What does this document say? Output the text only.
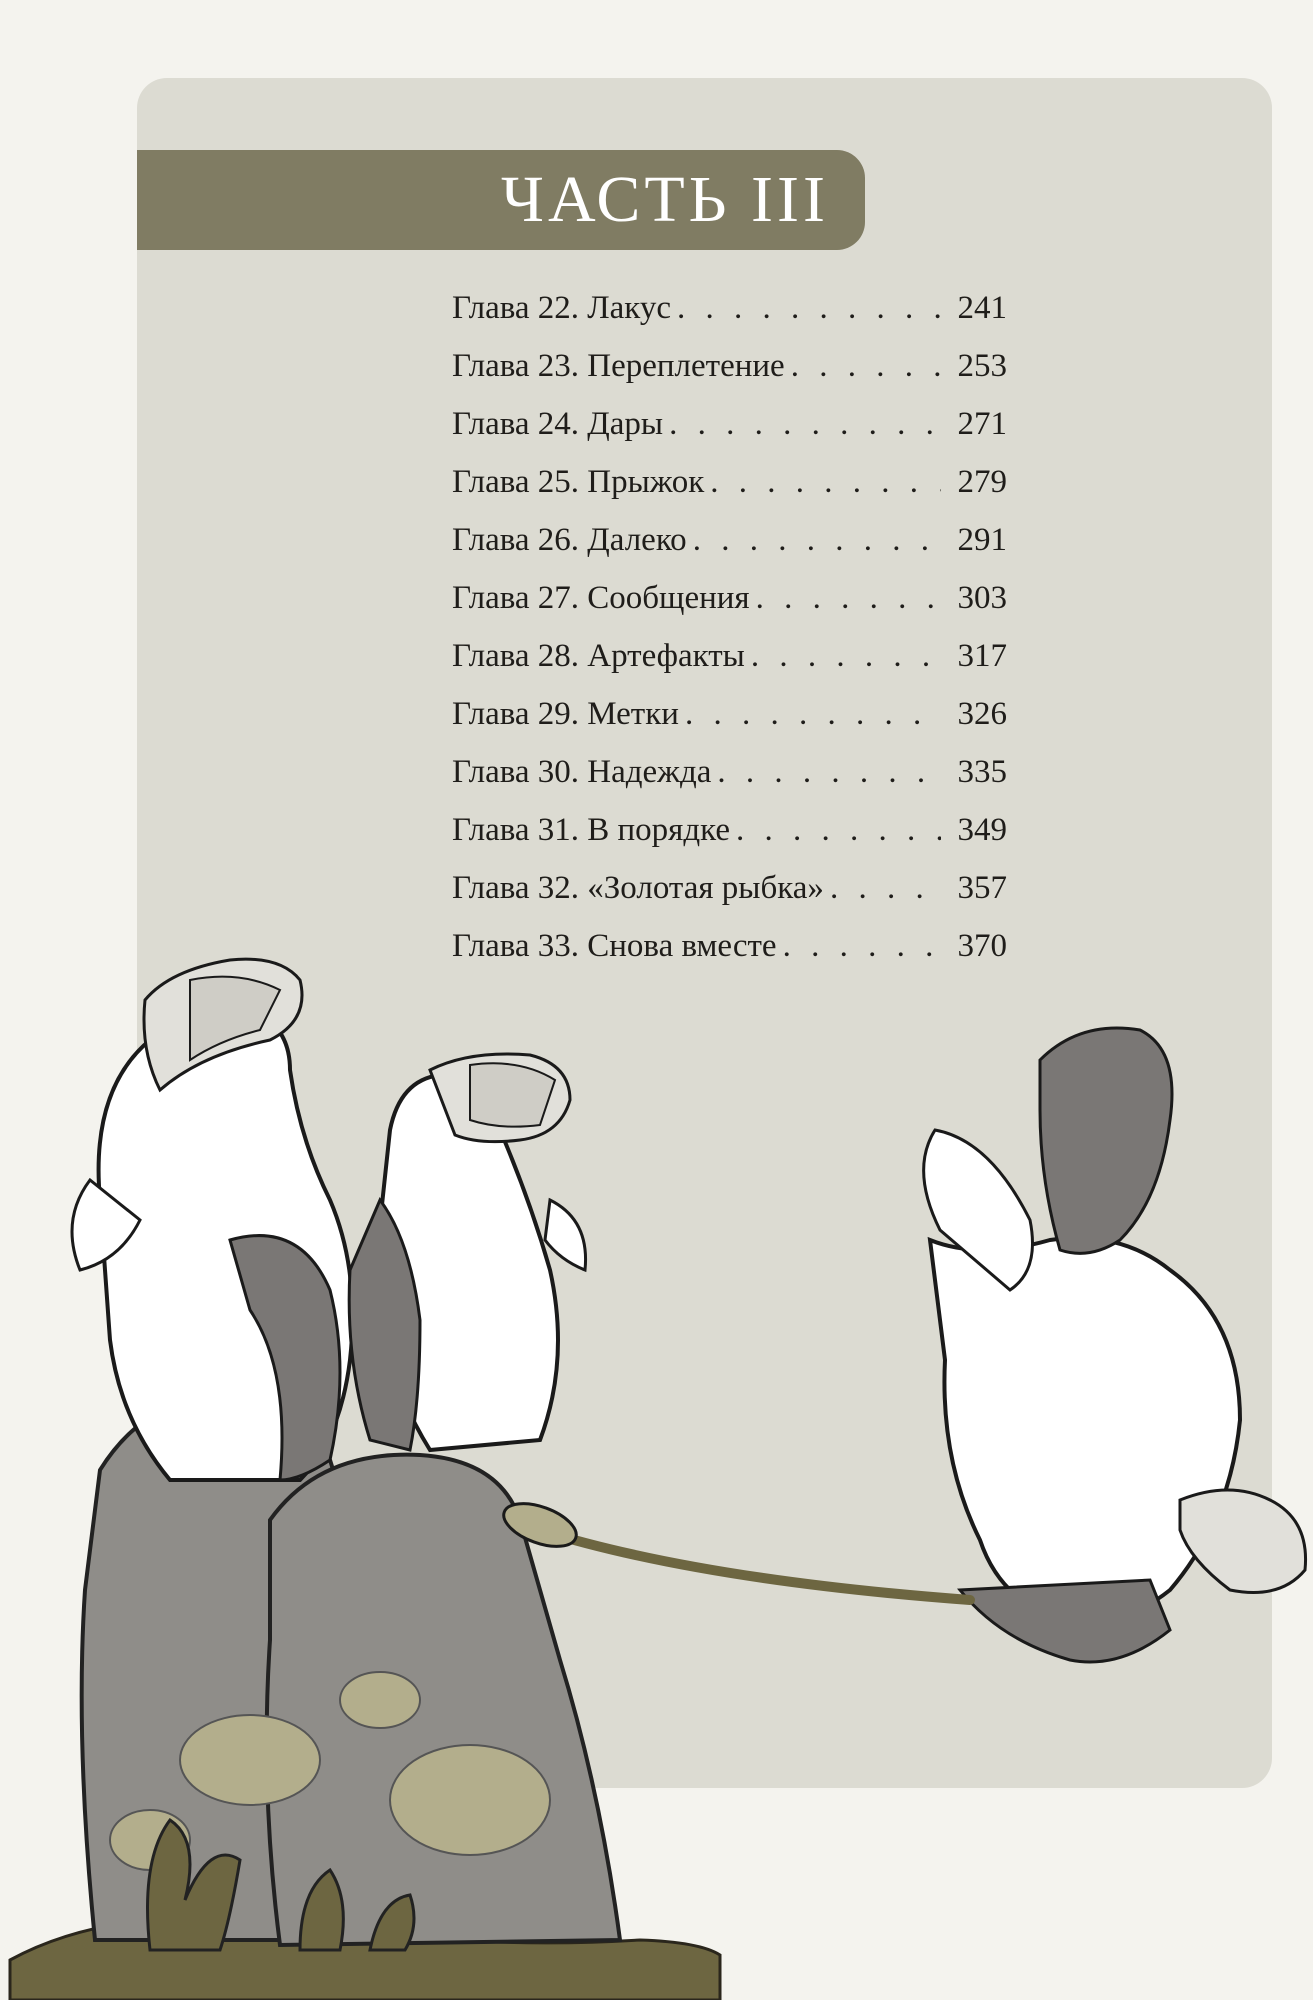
ЧАСТЬ III
Глава 22. Лакус . . .	241
Глава 23. Переплетение . . .	253
Глава 24. Дары . . .	271
Глава 25. Прыжок . . .	279
Глава 26. Далеко . . .	291
Глава 27. Сообщения . . .	303
Глава 28. Артефакты . . .	317
Глава 29. Метки . . .	326
Глава 30. Надежда . . .	335
Глава 31. В порядке . . .	349
Глава 32. «Золотая рыбка» . . .	357
Глава 33. Снова вместе . . .	370
